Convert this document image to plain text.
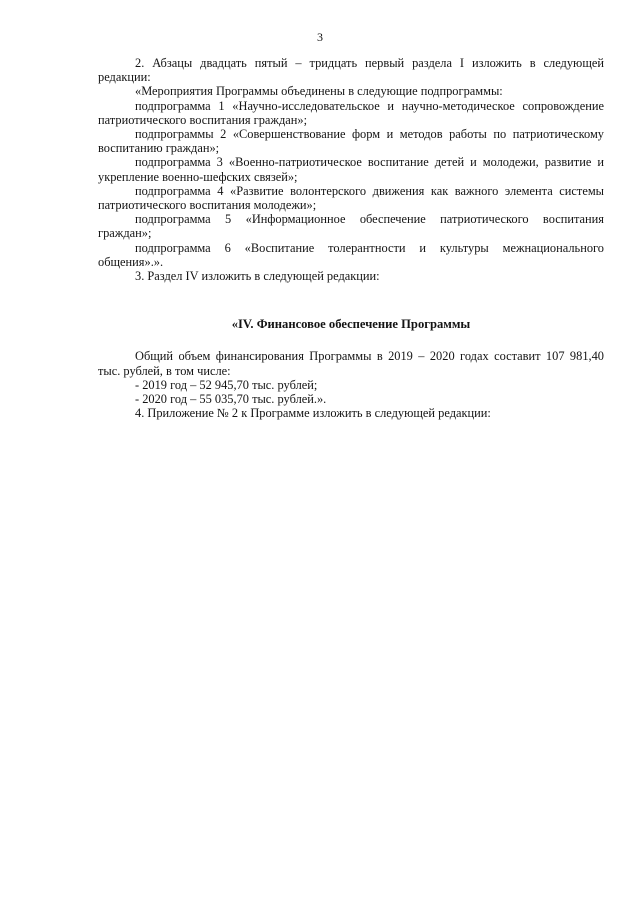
3

2. Абзацы двадцать пятый – тридцать первый раздела I изложить в следующей редакции:

«Мероприятия Программы объединены в следующие подпрограммы:

подпрограмма 1 «Научно-исследовательское и научно-методическое сопровождение патриотического воспитания граждан»;

подпрограммы 2 «Совершенствование форм и методов работы по патриотическому воспитанию граждан»;

подпрограмма 3 «Военно-патриотическое воспитание детей и молодежи, развитие и укрепление военно-шефских связей»;

подпрограмма 4 «Развитие волонтерского движения как важного элемента системы патриотического воспитания молодежи»;

подпрограмма 5 «Информационное обеспечение патриотического воспитания граждан»;

подпрограмма 6 «Воспитание толерантности и культуры межнационального общения».».

3. Раздел IV изложить в следующей редакции:

«IV. Финансовое обеспечение Программы

Общий объем финансирования Программы в 2019 – 2020 годах составит 107 981,40 тыс. рублей, в том числе:

- 2019 год – 52 945,70 тыс. рублей;

- 2020 год – 55 035,70 тыс. рублей.».

4. Приложение № 2 к Программе изложить в следующей редакции:
